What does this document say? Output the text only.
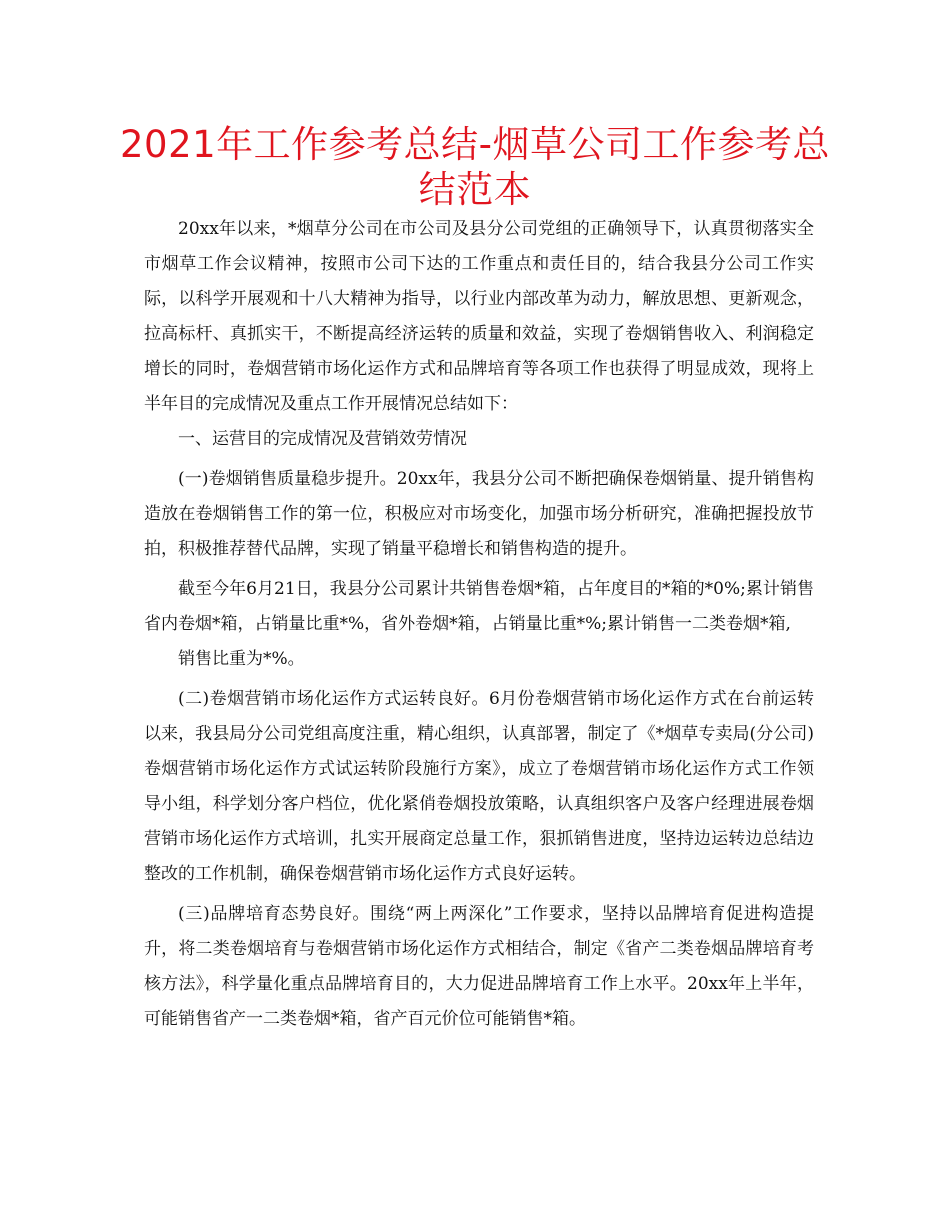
2021年工作参考总结-烟草公司工作参考总结范本

20xx年以来，*烟草分公司在市公司及县分公司党组的正确领导下，认真贯彻落实全市烟草工作会议精神，按照市公司下达的工作重点和责任目的，结合我县分公司工作实际，以科学开展观和十八大精神为指导，以行业内部改革为动力，解放思想、更新观念，拉高标杆、真抓实干，不断提高经济运转的质量和效益，实现了卷烟销售收入、利润稳定增长的同时，卷烟营销市场化运作方式和品牌培育等各项工作也获得了明显成效，现将上半年目的完成情况及重点工作开展情况总结如下：

一、运营目的完成情况及营销效劳情况

(一)卷烟销售质量稳步提升。20xx年，我县分公司不断把确保卷烟销量、提升销售构造放在卷烟销售工作的第一位，积极应对市场变化，加强市场分析研究，准确把握投放节拍，积极推荐替代品牌，实现了销量平稳增长和销售构造的提升。

截至今年6月21日，我县分公司累计共销售卷烟*箱，占年度目的*箱的*0%;累计销售省内卷烟*箱，占销量比重*%，省外卷烟*箱，占销量比重*%;累计销售一二类卷烟*箱,

销售比重为*%。

(二)卷烟营销市场化运作方式运转良好。6月份卷烟营销市场化运作方式在台前运转以来，我县局分公司党组高度注重，精心组织，认真部署，制定了《*烟草专卖局(分公司)卷烟营销市场化运作方式试运转阶段施行方案》，成立了卷烟营销市场化运作方式工作领导小组，科学划分客户档位，优化紧俏卷烟投放策略，认真组织客户及客户经理进展卷烟营销市场化运作方式培训，扎实开展商定总量工作，狠抓销售进度，坚持边运转边总结边整改的工作机制，确保卷烟营销市场化运作方式良好运转。

(三)品牌培育态势良好。围绕“两上两深化”工作要求，坚持以品牌培育促进构造提升，将二类卷烟培育与卷烟营销市场化运作方式相结合，制定《省产二类卷烟品牌培育考核方法》，科学量化重点品牌培育目的，大力促进品牌培育工作上水平。20xx年上半年，可能销售省产一二类卷烟*箱，省产百元价位可能销售*箱。
